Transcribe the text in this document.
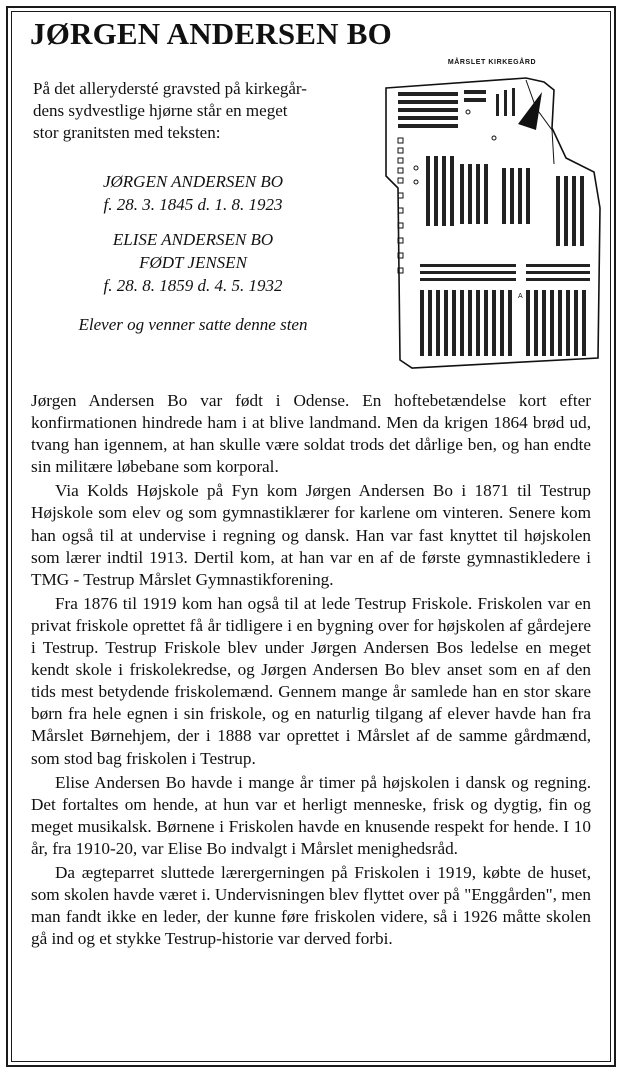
JØRGEN ANDERSEN BO
På det allerydersté gravsted på kirkegår-
dens sydvestlige hjørne står en meget
stor granitsten med teksten:
JØRGEN ANDERSEN BO
f. 28. 3. 1845 d. 1. 8. 1923
ELISE ANDERSEN BO
FØDT JENSEN
f. 28. 8. 1859 d. 4. 5. 1932
Elever og venner satte denne sten
MÅRSLET KIRKEGÅRD
A

Jørgen Andersen Bo var født i Odense. En hoftebetændelse kort efter konfirmationen hindrede ham i at blive landmand. Men da krigen 1864 brød ud, tvang han igennem, at han skulle være soldat trods det dårlige ben, og han endte sin militære løbebane som korporal.

Via Kolds Højskole på Fyn kom Jørgen Andersen Bo i 1871 til Testrup Højskole som elev og som gymnastiklærer for karlene om vinteren. Senere kom han også til at undervise i regning og dansk. Han var fast knyttet til højskolen som lærer indtil 1913. Dertil kom, at han var en af de første gymnastikledere i TMG - Testrup Mårslet Gymnastikforening.

Fra 1876 til 1919 kom han også til at lede Testrup Friskole. Friskolen var en privat friskole oprettet få år tidligere i en bygning over for højskolen af gårdejere i Testrup. Testrup Friskole blev under Jørgen Andersen Bos ledelse en meget kendt skole i friskolekredse, og Jørgen Andersen Bo blev anset som en af den tids mest betydende friskolemænd. Gennem mange år samlede han en stor skare børn fra hele egnen i sin friskole, og en naturlig tilgang af elever havde han fra Mårslet Børnehjem, der i 1888 var oprettet i Mårslet af de samme gårdmænd, som stod bag friskolen i Testrup.

Elise Andersen Bo havde i mange år timer på højskolen i dansk og regning. Det fortaltes om hende, at hun var et herligt menneske, frisk og dygtig, fin og meget musikalsk. Børnene i Friskolen havde en knusende respekt for hende. I 10 år, fra 1910-20, var Elise Bo indvalgt i Mårslet menighedsråd.

Da ægteparret sluttede lærergerningen på Friskolen i 1919, købte de huset, som skolen havde været i. Undervisningen blev flyttet over på "Enggården", men man fandt ikke en leder, der kunne føre friskolen videre, så i 1926 måtte skolen gå ind og et stykke Testrup-historie var derved forbi.
